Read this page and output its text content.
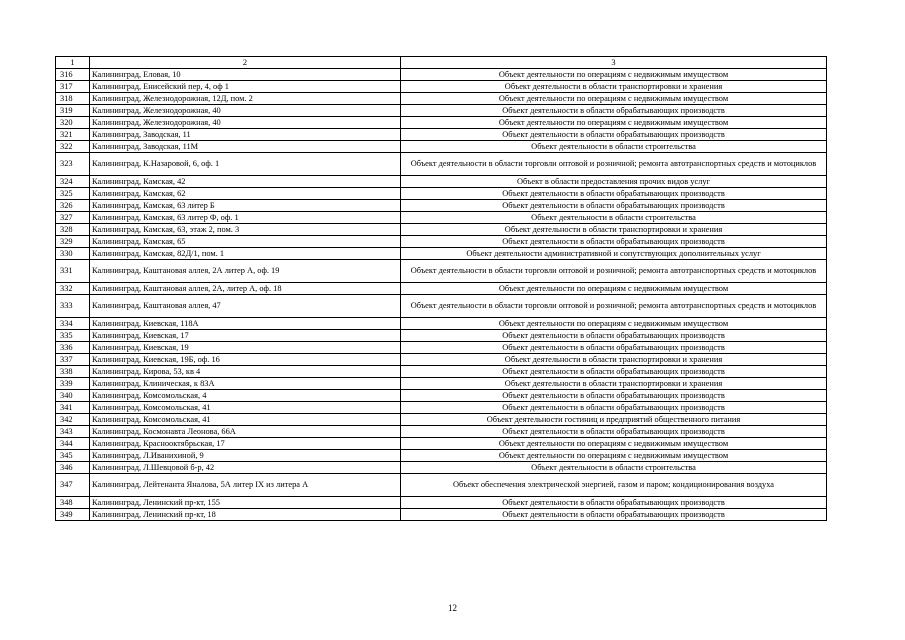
1	2	3
316	Калининград, Еловая, 10	Объект деятельности по операциям с недвижимым имуществом
317	Калининград, Енисейский пер, 4, оф 1	Объект деятельности в области транспортировки и хранения
318	Калининград, Железнодорожная, 12Д, пом. 2	Объект деятельности по операциям с недвижимым имуществом
319	Калининград, Железнодорожная, 40	Объект деятельности в области обрабатывающих производств
320	Калининград, Железнодорожная, 40	Объект деятельности по операциям с недвижимым имуществом
321	Калининград, Заводская, 11	Объект деятельности в области обрабатывающих производств
322	Калининград, Заводская, 11М	Объект деятельности в области строительства
323	Калининград, К.Назаровой, 6, оф. 1	Объект деятельности в области торговли оптовой и розничной; ремонта автотранспортных средств и мотоциклов
324	Калининград, Камская, 42	Объект в области предоставления прочих видов услуг
325	Калининград, Камская, 62	Объект деятельности в области обрабатывающих производств
326	Калининград, Камская, 63 литер Б	Объект деятельности в области обрабатывающих производств
327	Калининград, Камская, 63 литер Ф, оф. 1	Объект деятельности в области строительства
328	Калининград, Камская, 63, этаж 2, пом. 3	Объект деятельности в области транспортировки и хранения
329	Калининград, Камская, 65	Объект деятельности в области обрабатывающих производств
330	Калининград, Камская, 82Д/1, пом. 1	Объект деятельности административной и сопутствующих дополнительных услуг
331	Калининград, Каштановая аллея, 2А литер А, оф. 19	Объект деятельности в области торговли оптовой и розничной; ремонта автотранспортных средств и мотоциклов
332	Калининград, Каштановая аллея, 2А, литер А, оф. 18	Объект деятельности по операциям с недвижимым имуществом
333	Калининград, Каштановая аллея, 47	Объект деятельности в области торговли оптовой и розничной; ремонта автотранспортных средств и мотоциклов
334	Калининград, Киевская, 118А	Объект деятельности по операциям с недвижимым имуществом
335	Калининград, Киевская, 17	Объект деятельности в области обрабатывающих производств
336	Калининград, Киевская, 19	Объект деятельности в области обрабатывающих производств
337	Калининград, Киевская, 19Б, оф. 16	Объект деятельности в области транспортировки и хранения
338	Калининград, Кирова, 53, кв 4	Объект деятельности в области обрабатывающих производств
339	Калининград, Клиническая, к 83А	Объект деятельности в области транспортировки и хранения
340	Калининград, Комсомольская, 4	Объект деятельности в области обрабатывающих производств
341	Калининград, Комсомольская, 41	Объект деятельности в области обрабатывающих производств
342	Калининград, Комсомольская, 41	Объект деятельности гостиниц и предприятий общественного питания
343	Калининград, Космонавта Леонова, 66А	Объект деятельности в области обрабатывающих производств
344	Калининград, Краснооктябрьская, 17	Объект деятельности по операциям с недвижимым имуществом
345	Калининград, Л.Иванихиной, 9	Объект деятельности по операциям с недвижимым имуществом
346	Калининград, Л.Шевцовой б-р, 42	Объект деятельности в области строительства
347	Калининград, Лейтенанта Яналова, 5А литер IX из литера А	Объект обеспечения электрической энергией, газом и паром; кондиционирования воздуха
348	Калининград, Ленинский пр-кт, 155	Объект деятельности в области обрабатывающих производств
349	Калининград, Ленинский пр-кт, 18	Объект деятельности в области обрабатывающих производств
12
